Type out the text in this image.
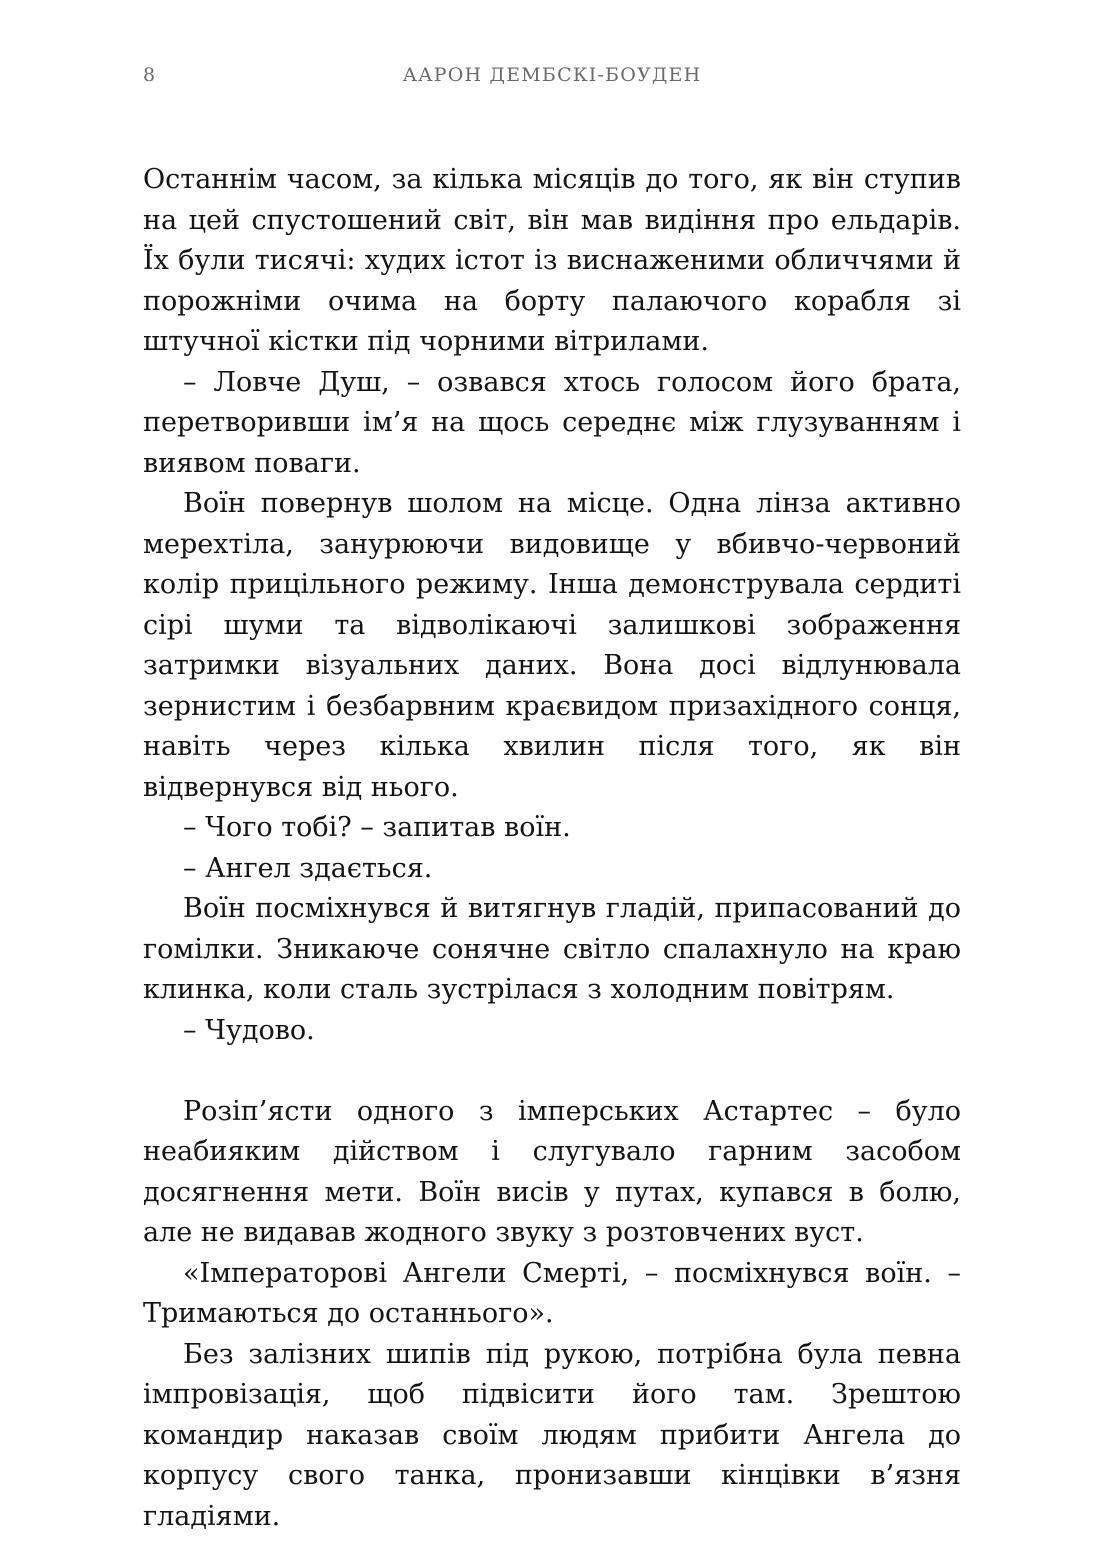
8	ААРОН ДЕМБСКІ-БОУДЕН

Останнім часом, за кілька місяців до того, як він ступив на цей спустошений світ, він мав видіння про ельдарів. Їх були тисячі: худих істот із виснаженими обличчями й порожніми очима на борту палаючого корабля зі штучної кістки під чорними вітрилами.

– Ловче Душ, – озвався хтось голосом його брата, перетворивши ім’я на щось середнє між глузуванням і виявом поваги.

Воїн повернув шолом на місце. Одна лінза активно мерехтіла, занурюючи видовище у вбивчо-червоний колір прицільного режиму. Інша демонструвала сердиті сірі шуми та відволікаючі залишкові зображення затримки візуальних даних. Вона досі відлунювала зернистим і безбарвним краєвидом призахідного сонця, навіть через кілька хвилин після того, як він відвернувся від нього.

– Чого тобі? – запитав воїн.

– Ангел здається.

Воїн посміхнувся й витягнув гладій, припасований до гомілки. Зникаюче сонячне світло спалахнуло на краю клинка, коли сталь зустрілася з холодним повітрям.

– Чудово.

Розіп’ясти одного з імперських Астартес – було неабияким дійством і слугувало гарним засобом досягнення мети. Воїн висів у путах, купався в болю, але не видавав жодного звуку з розтовчених вуст.

«Імператорові Ангели Смерті, – посміхнувся воїн. – Тримаються до останнього».

Без залізних шипів під рукою, потрібна була певна імпровізація, щоб підвісити його там. Зрештою командир наказав своїм людям прибити Ангела до корпусу свого танка, пронизавши кінцівки в’язня гладіями.
